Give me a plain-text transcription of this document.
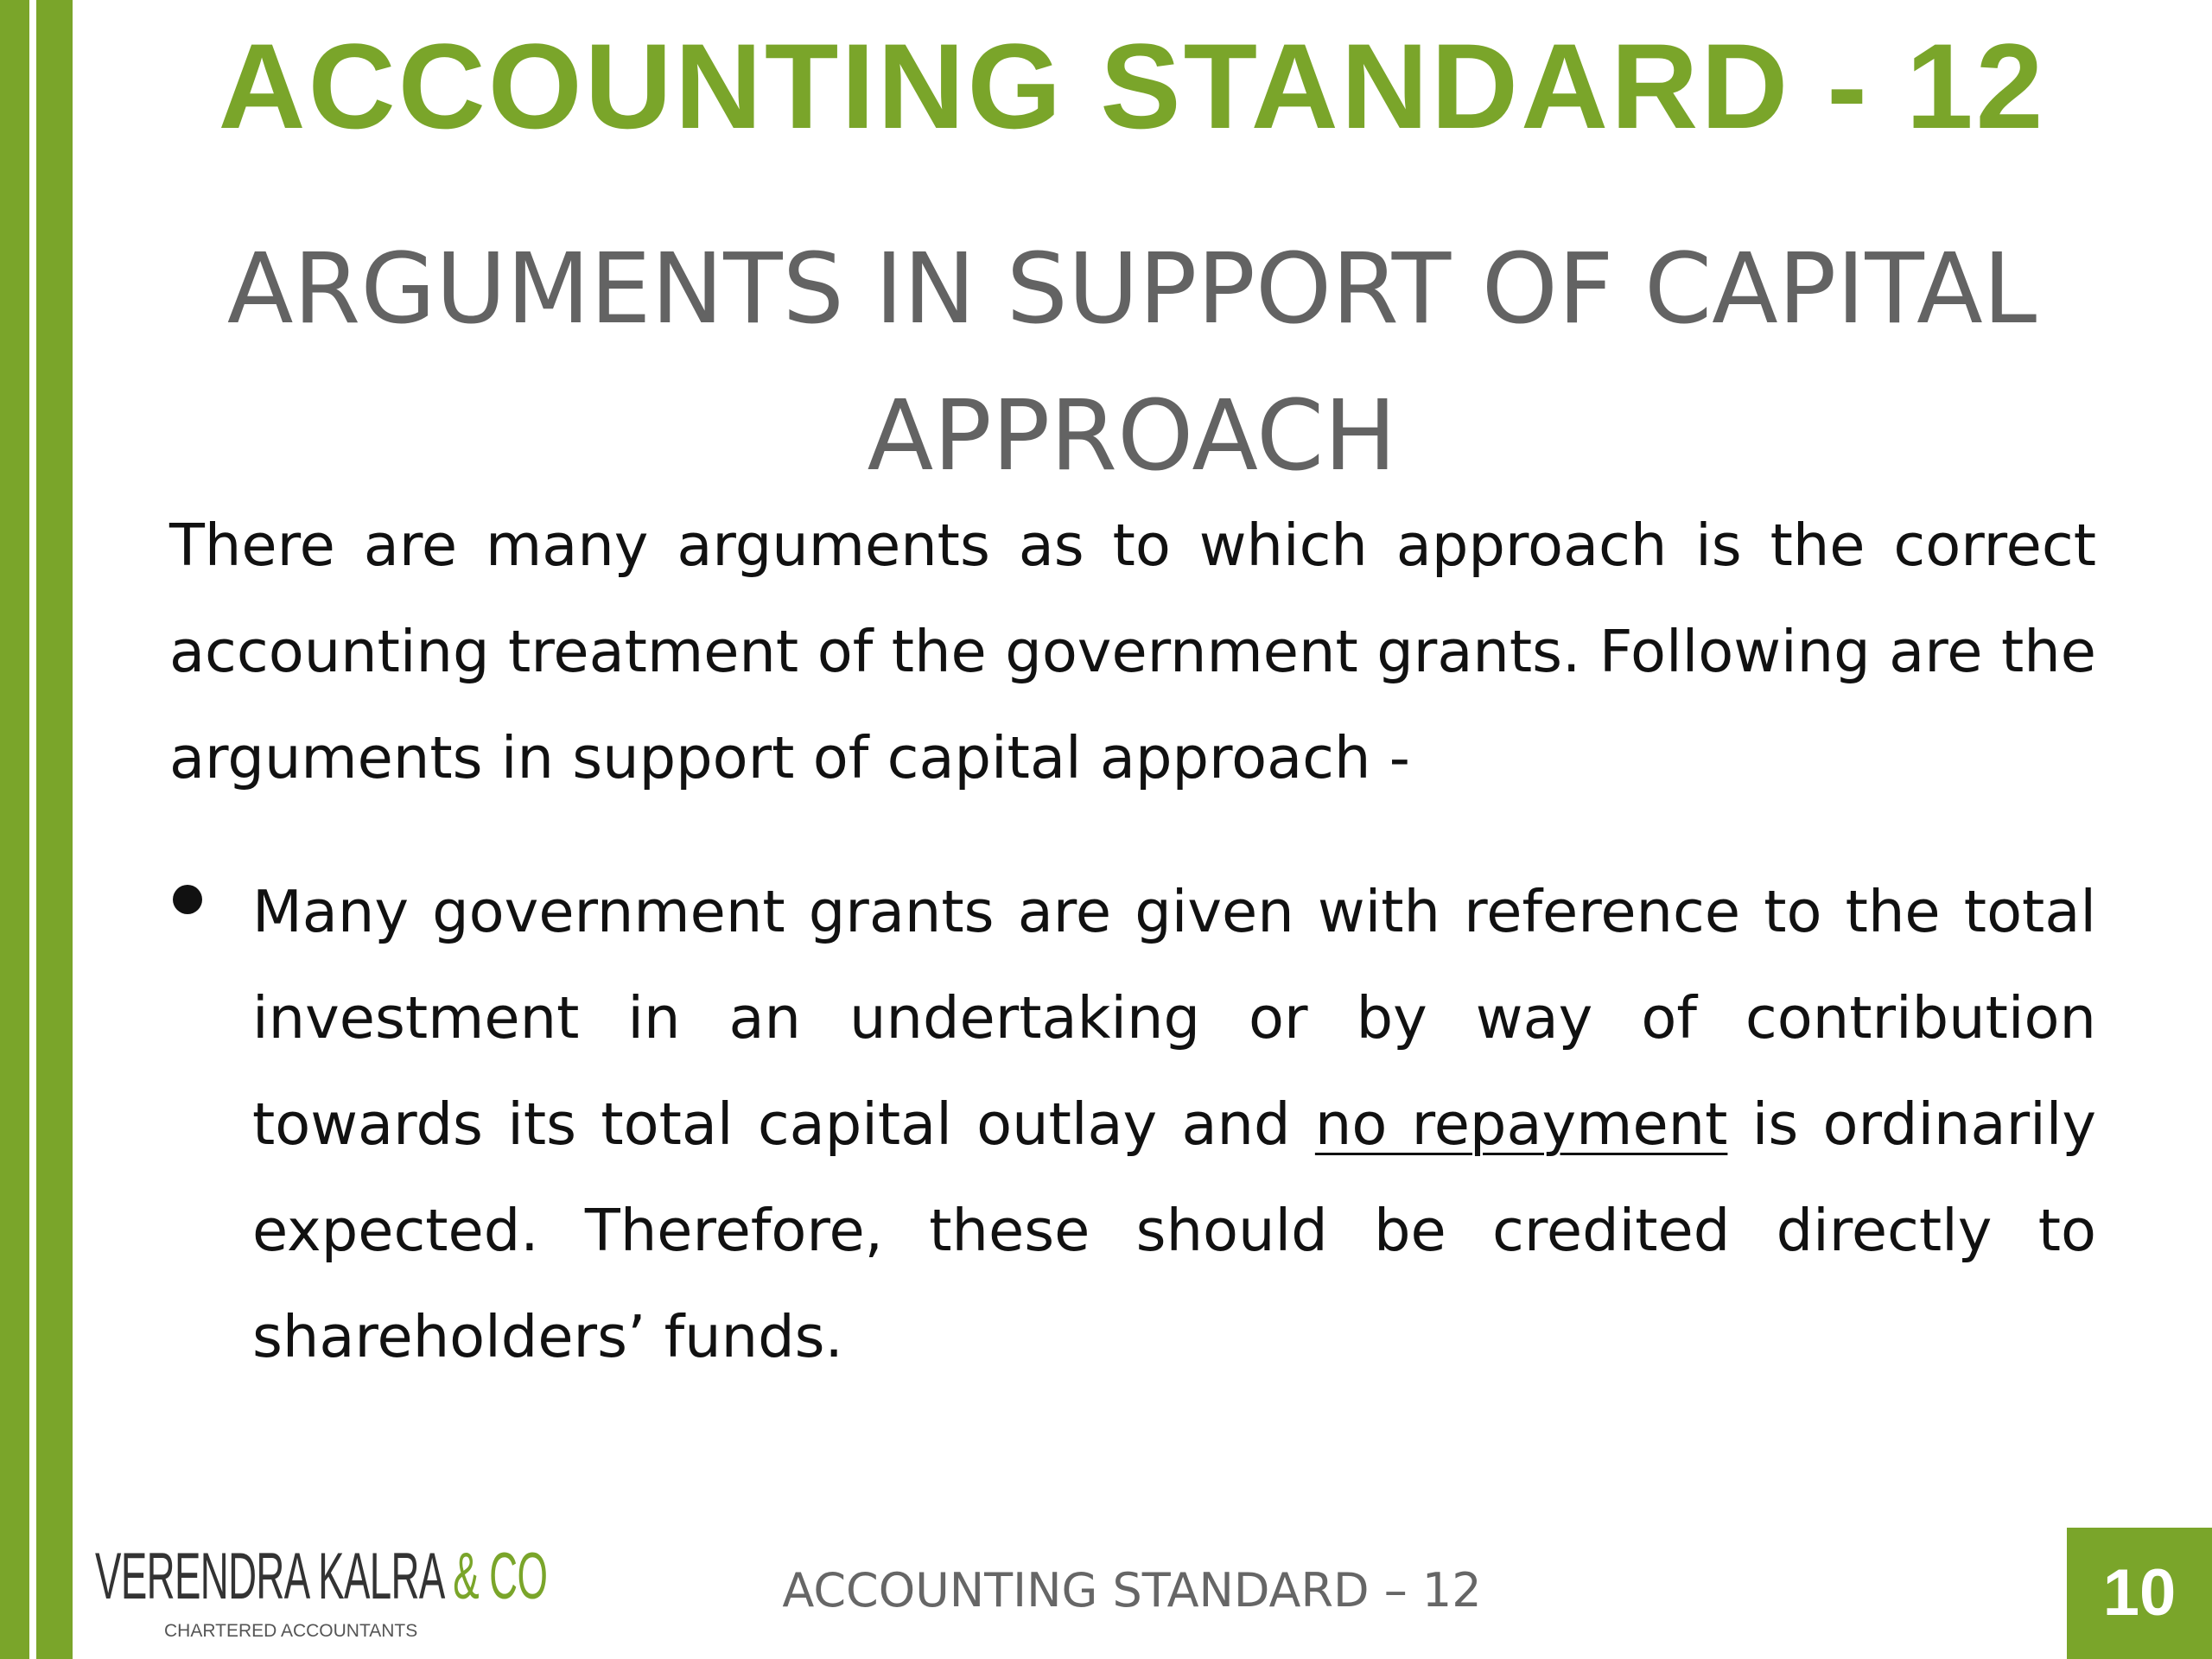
ACCOUNTING STANDARD - 12
ARGUMENTS IN SUPPORT OF CAPITAL APPROACH
There are many arguments as to which approach is the correct accounting treatment of the government grants. Following are the arguments in support of capital approach -
Many government grants are given with reference to the total investment in an undertaking or by way of contribution towards its total capital outlay and no repayment is ordinarily expected. Therefore, these should be credited directly to shareholders’ funds.
VERENDRA KALRA & CO
CHARTERED ACCOUNTANTS
ACCOUNTING STANDARD – 12	10
